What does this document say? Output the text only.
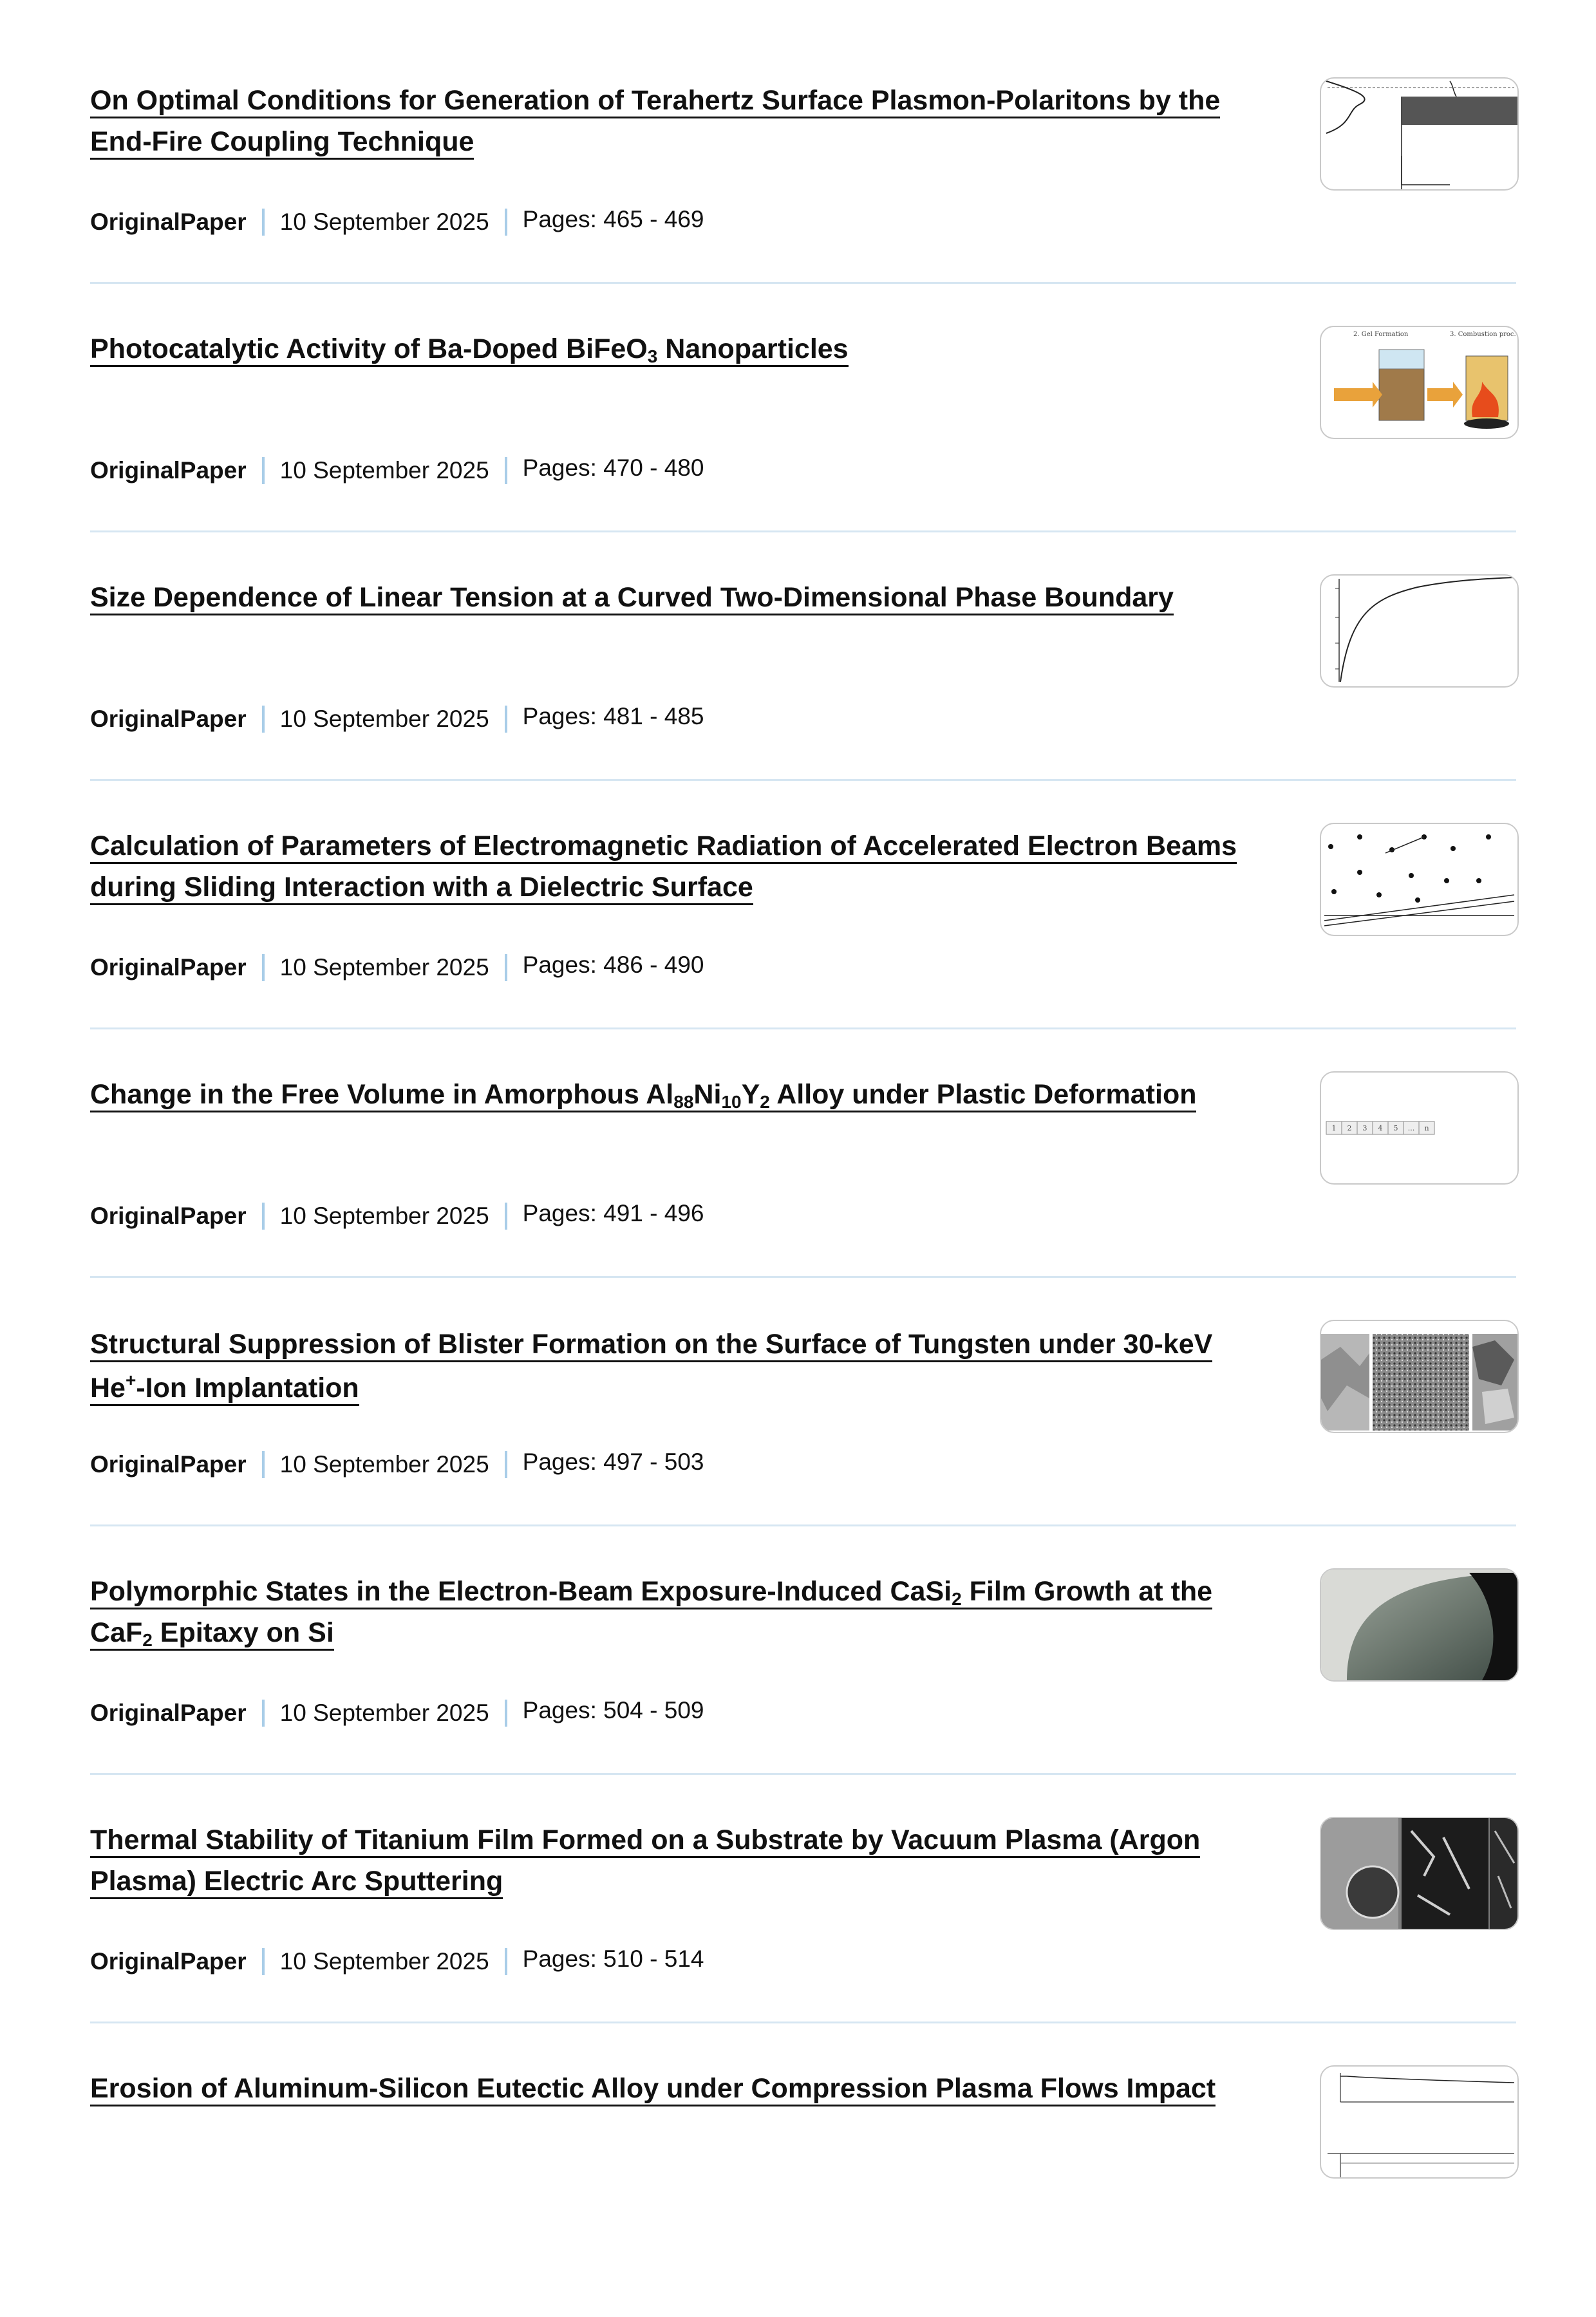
On Optimal Conditions for Generation of Terahertz Surface Plasmon-Polaritons by the End-Fire Coupling Technique
OriginalPaper 10 September 2025 Pages: 465 - 469
Photocatalytic Activity of Ba-Doped BiFeO$_3$ Nanoparticles
OriginalPaper 10 September 2025 Pages: 470 - 480
2. Gel Formation	3. Combustion proc.
Size Dependence of Linear Tension at a Curved Two-Dimensional Phase Boundary
OriginalPaper 10 September 2025 Pages: 481 - 485
Calculation of Parameters of Electromagnetic Radiation of Accelerated Electron Beams during Sliding Interaction with a Dielectric Surface
OriginalPaper 10 September 2025 Pages: 486 - 490
Change in the Free Volume in Amorphous $Al_{88}Ni_{10}Y_2$ Alloy under Plastic Deformation
OriginalPaper 10 September 2025 Pages: 491 - 496
1 2 3 4 5 ... n
Structural Suppression of Blister Formation on the Surface of Tungsten under 30-keV He+-Ion Implantation
OriginalPaper 10 September 2025 Pages: 497 - 503
Polymorphic States in the Electron-Beam Exposure-Induced CaSi$_2$ Film Growth at the CaF$_2$ Epitaxy on Si
OriginalPaper 10 September 2025 Pages: 504 - 509
Thermal Stability of Titanium Film Formed on a Substrate by Vacuum Plasma (Argon Plasma) Electric Arc Sputtering
OriginalPaper 10 September 2025 Pages: 510 - 514
Erosion of Aluminum-Silicon Eutectic Alloy under Compression Plasma Flows Impact
